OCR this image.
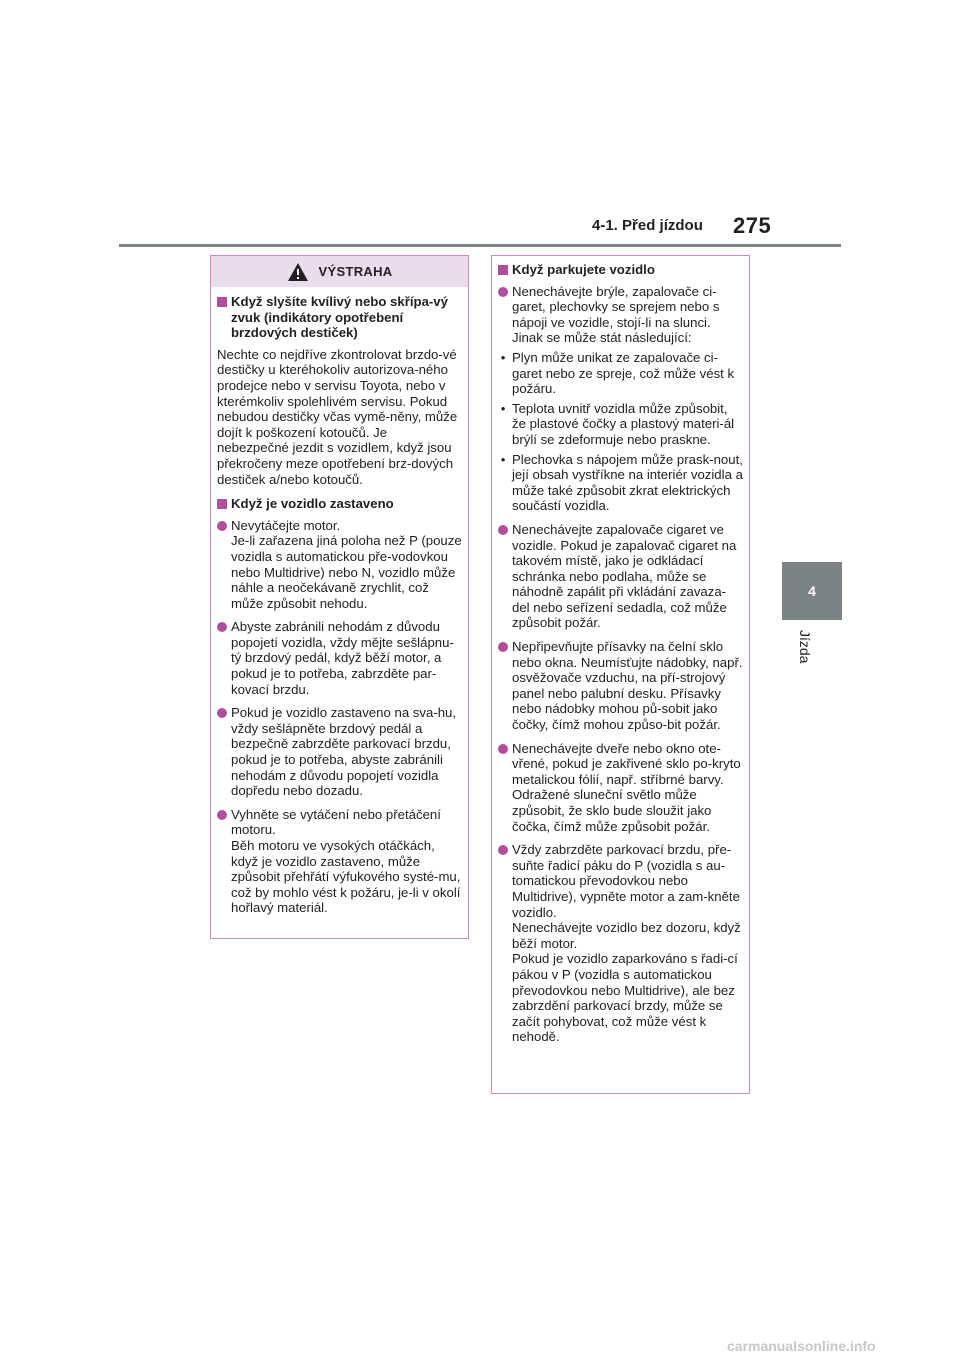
4-1. Před jízdou 275
4
Jízda
VÝSTRAHA
Když slyšíte kvílivý nebo skřípa-vý zvuk (indikátory opotřebení brzdových destiček)
Nechte co nejdříve zkontrolovat brzdo-vé destičky u kteréhokoliv autorizova-ného prodejce nebo v servisu Toyota, nebo v kterémkoliv spolehlivém servisu. Pokud nebudou destičky včas vymě-něny, může dojít k poškození kotoučů. Je nebezpečné jezdit s vozidlem, když jsou překročeny meze opotřebení brz-dových destiček a/nebo kotoučů.
Když je vozidlo zastaveno
Nevytáčejte motor.
Je-li zařazena jiná poloha než P (pouze vozidla s automatickou pře-vodovkou nebo Multidrive) nebo N, vozidlo může náhle a neočekávaně zrychlit, což může způsobit nehodu.
Abyste zabránili nehodám z důvodu popojetí vozidla, vždy mějte sešlápnu-tý brzdový pedál, když běží motor, a pokud je to potřeba, zabrzděte par-kovací brzdu.
Pokud je vozidlo zastaveno na sva-hu, vždy sešlápněte brzdový pedál a bezpečně zabrzděte parkovací brzdu, pokud je to potřeba, abyste zabránili nehodám z důvodu popojetí vozidla dopředu nebo dozadu.
Vyhněte se vytáčení nebo přetáčení motoru.
Běh motoru ve vysokých otáčkách, když je vozidlo zastaveno, může způsobit přehřátí výfukového systé-mu, což by mohlo vést k požáru, je-li v okolí hořlavý materiál.
Když parkujete vozidlo
Nenechávejte brýle, zapalovače ci-garet, plechovky se sprejem nebo s nápoji ve vozidle, stojí-li na slunci. Jinak se může stát následující:
• Plyn může unikat ze zapalovače ci-garet nebo ze spreje, což může vést k požáru.
• Teplota uvnitř vozidla může způsobit, že plastové čočky a plastový materi-ál brýlí se zdeformuje nebo praskne.
• Plechovka s nápojem může prask-nout, její obsah vystříkne na interiér vozidla a může také způsobit zkrat elektrických součástí vozidla.
Nenechávejte zapalovače cigaret ve vozidle. Pokud je zapalovač cigaret na takovém místě, jako je odkládací schránka nebo podlaha, může se náhodně zapálit při vkládání zavaza-del nebo seřízení sedadla, což může způsobit požár.
Nepřipevňujte přísavky na čelní sklo nebo okna. Neumísťujte nádobky, např. osvěžovače vzduchu, na pří-strojový panel nebo palubní desku. Přísavky nebo nádobky mohou pů-sobit jako čočky, čímž mohou způso-bit požár.
Nenechávejte dveře nebo okno ote-vřené, pokud je zakřivené sklo po-kryto metalickou fólií, např. stříbrné barvy. Odražené sluneční světlo může způsobit, že sklo bude sloužit jako čočka, čímž může způsobit požár.
Vždy zabrzděte parkovací brzdu, pře-suňte řadicí páku do P (vozidla s au-tomatickou převodovkou nebo Multidrive), vypněte motor a zam-kněte vozidlo.
Nenechávejte vozidlo bez dozoru, když běží motor.
Pokud je vozidlo zaparkováno s řadi-cí pákou v P (vozidla s automatickou převodovkou nebo Multidrive), ale bez zabrzdění parkovací brzdy, může se začít pohybovat, což může vést k nehodě.
carmanualsonline.info
